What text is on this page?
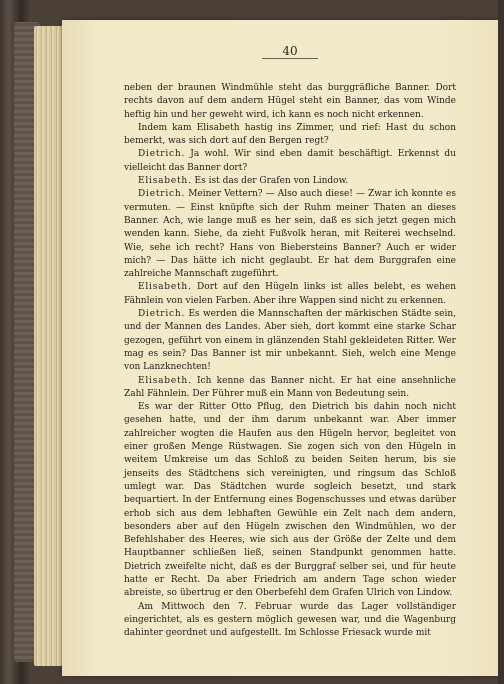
40

neben der braunen Windmühle steht das burggräfliche Banner. Dort rechts davon auf dem andern Hügel steht ein Banner, das vom Winde heftig hin und her geweht wird, ich kann es noch nicht erkennen.

Indem kam Elisabeth hastig ins Zimmer, und rief: Hast du schon bemerkt, was sich dort auf den Bergen regt?

Dietrich. Ja wohl. Wir sind eben damit beschäftigt. Erkennst du vielleicht das Banner dort?

Elisabeth. Es ist das der Grafen von Lindow.

Dietrich. Meiner Vettern? — Also auch diese! — Zwar ich konnte es vermuten. — Einst knüpfte sich der Ruhm meiner Thaten an dieses Banner. Ach, wie lange muß es her sein, daß es sich jetzt gegen mich wenden kann. Siehe, da zieht Fußvolk heran, mit Reiterei wechselnd. Wie, sehe ich recht? Hans von Biebersteins Banner? Auch er wider mich? — Das hätte ich nicht geglaubt. Er hat dem Burggrafen eine zahlreiche Mannschaft zugeführt.

Elisabeth. Dort auf den Hügeln links ist alles belebt, es wehen Fähnlein von vielen Farben. Aber ihre Wappen sind nicht zu erkennen.

Dietrich. Es werden die Mannschaften der märkischen Städte sein, und der Mannen des Landes. Aber sieh, dort kommt eine starke Schar gezogen, geführt von einem in glänzenden Stahl gekleideten Ritter. Wer mag es sein? Das Banner ist mir unbekannt. Sieh, welch eine Menge von Lanzknechten!

Elisabeth. Ich kenne das Banner nicht. Er hat eine ansehnliche Zahl Fähnlein. Der Führer muß ein Mann von Bedeutung sein.

Es war der Ritter Otto Pflug, den Dietrich bis dahin noch nicht gesehen hatte, und der ihm darum unbekannt war. Aber immer zahlreicher wogten die Haufen aus den Hügeln hervor, begleitet von einer großen Menge Rüstwagen. Sie zogen sich von den Hügeln in weitem Umkreise um das Schloß zu beiden Seiten herum, bis sie jenseits des Städtchens sich vereinigten, und ringsum das Schloß umlegt war. Das Städtchen wurde sogleich besetzt, und stark bequartiert. In der Entfernung eines Bogenschusses und etwas darüber erhob sich aus dem lebhaften Gewühle ein Zelt nach dem andern, besonders aber auf den Hügeln zwischen den Windmühlen, wo der Befehlshaber des Heeres, wie sich aus der Größe der Zelte und dem Hauptbanner schließen ließ, seinen Standpunkt genommen hatte. Dietrich zweifelte nicht, daß es der Burggraf selber sei, und für heute hatte er Recht. Da aber Friedrich am andern Tage schon wieder abreiste, so übertrug er den Oberbefehl dem Grafen Ulrich von Lindow.

Am Mittwoch den 7. Februar wurde das Lager vollständiger eingerichtet, als es gestern möglich gewesen war, und die Wagenburg dahinter geordnet und aufgestellt. Im Schlosse Friesack wurde mit
